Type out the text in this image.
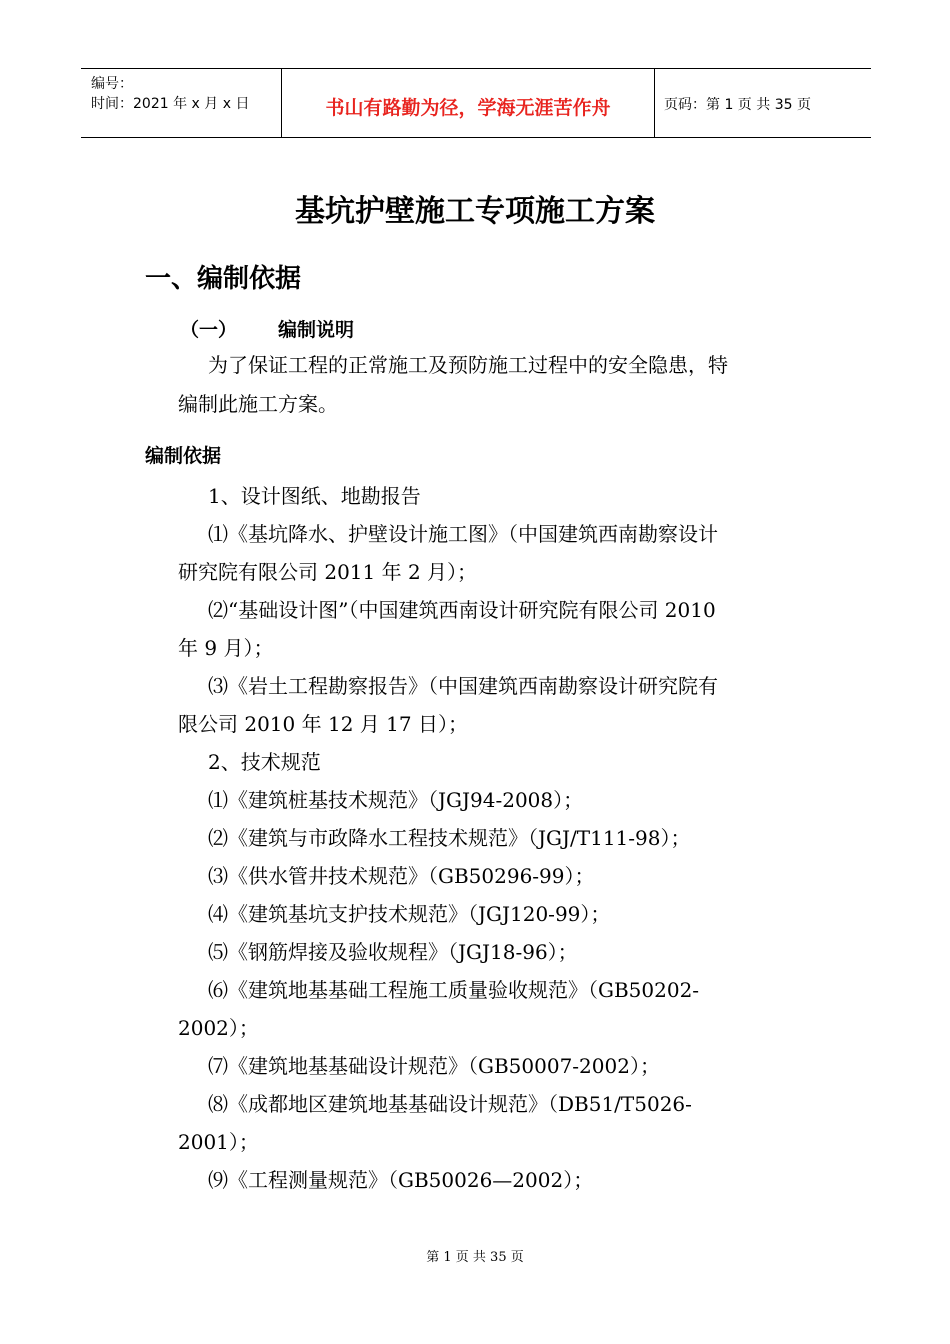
编号：
时间：2021 年 x 月 x 日	书山有路勤为径，学海无涯苦作舟	页码：第 1 页 共 35 页
基坑护壁施工专项施工方案
一、编制依据
（一） 编制说明
为了保证工程的正常施工及预防施工过程中的安全隐患，特
编制此施工方案。
编制依据
1、设计图纸、地勘报告
⑴《基坑降水、护壁设计施工图》（中国建筑西南勘察设计
研究院有限公司 2011 年 2 月）；
⑵“基础设计图”（中国建筑西南设计研究院有限公司 2010
年 9 月）；
⑶《岩土工程勘察报告》（中国建筑西南勘察设计研究院有
限公司 2010 年 12 月 17 日）；
2、技术规范
⑴《建筑桩基技术规范》（JGJ94-2008）；
⑵《建筑与市政降水工程技术规范》（JGJ/T111-98）；
⑶《供水管井技术规范》（GB50296-99）；
⑷《建筑基坑支护技术规范》（JGJ120-99）；
⑸《钢筋焊接及验收规程》（JGJ18-96）；
⑹《建筑地基基础工程施工质量验收规范》（GB50202-
2002）；
⑺《建筑地基基础设计规范》（GB50007-2002）；
⑻《成都地区建筑地基基础设计规范》（DB51/T5026-
2001）；
⑼《工程测量规范》（GB50026—2002）；
第 1 页 共 35 页
